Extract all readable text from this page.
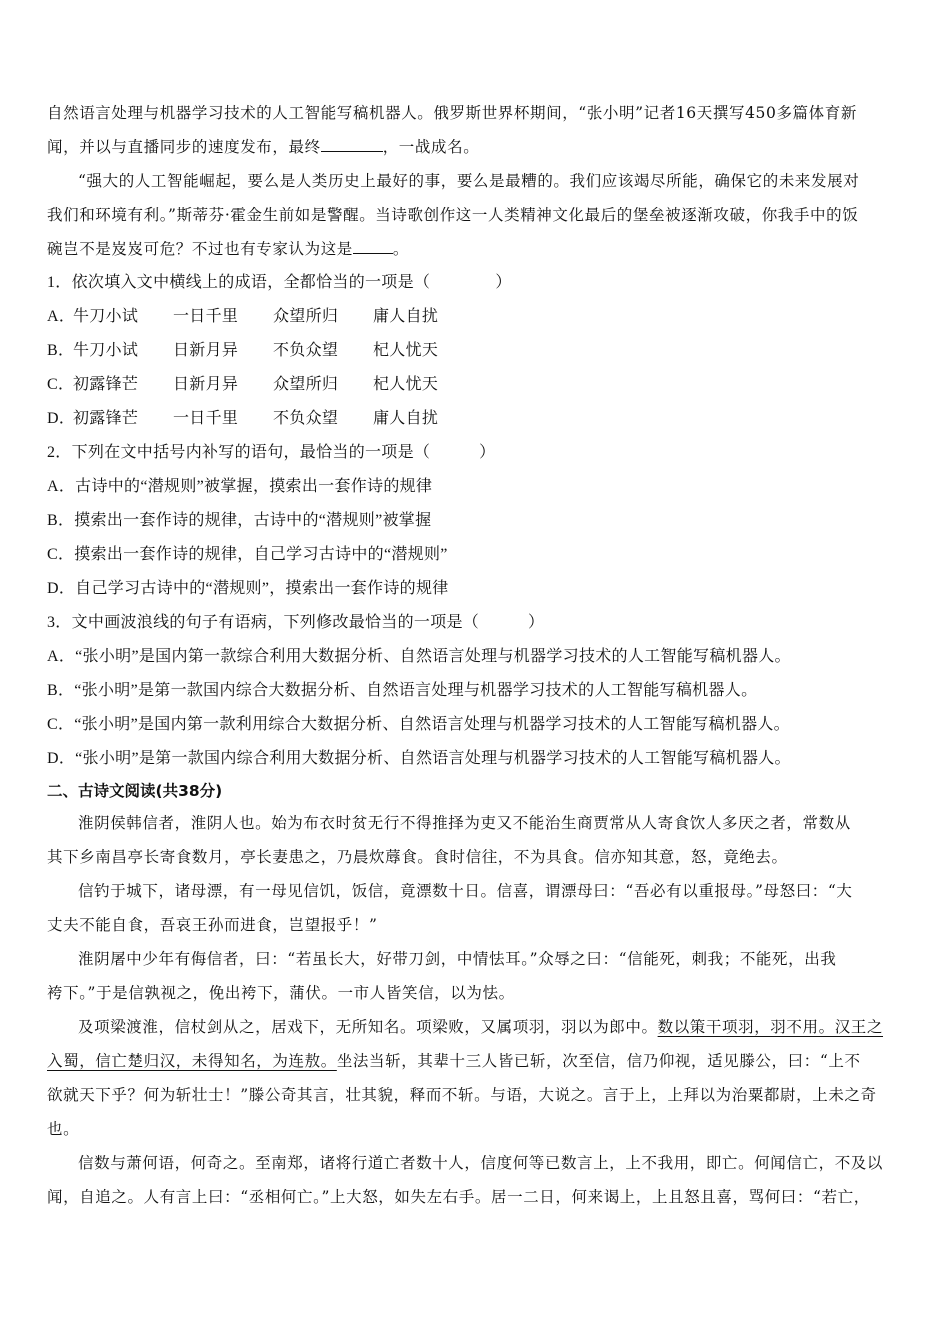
自然语言处理与机器学习技术的人工智能写稿机器人。俄罗斯世界杯期间，“张小明”记者16天撰写450多篇体育新
闻，并以与直播同步的速度发布，最终	，一战成名。
“强大的人工智能崛起，要么是人类历史上最好的事，要么是最糟的。我们应该竭尽所能，确保它的未来发展对
我们和环境有利。”斯蒂芬·霍金生前如是警醒。当诗歌创作这一人类精神文化最后的堡垒被逐渐攻破，你我手中的饭
碗岂不是岌岌可危？不过也有专家认为这是	。
1．依次填入文中横线上的成语，全都恰当的一项是（　　　　）
A．牛刀小试 一日千里 众望所归 庸人自扰
B．牛刀小试 日新月异 不负众望 杞人忧天
C．初露锋芒 日新月异 众望所归 杞人忧天
D．初露锋芒 一日千里 不负众望 庸人自扰
2．下列在文中括号内补写的语句，最恰当的一项是（　　　）
A．古诗中的“潜规则”被掌握，摸索出一套作诗的规律
B．摸索出一套作诗的规律，古诗中的“潜规则”被掌握
C．摸索出一套作诗的规律，自己学习古诗中的“潜规则”
D．自己学习古诗中的“潜规则”，摸索出一套作诗的规律
3．文中画波浪线的句子有语病，下列修改最恰当的一项是（　　　）
A．“张小明”是国内第一款综合利用大数据分析、自然语言处理与机器学习技术的人工智能写稿机器人。
B．“张小明”是第一款国内综合大数据分析、自然语言处理与机器学习技术的人工智能写稿机器人。
C．“张小明”是国内第一款利用综合大数据分析、自然语言处理与机器学习技术的人工智能写稿机器人。
D．“张小明”是第一款国内综合利用大数据分析、自然语言处理与机器学习技术的人工智能写稿机器人。
二、古诗文阅读(共38分)
淮阴侯韩信者，淮阴人也。始为布衣时贫无行不得推择为吏又不能治生商贾常从人寄食饮人多厌之者，常数从
其下乡南昌亭长寄食数月，亭长妻患之，乃晨炊蓐食。食时信往，不为具食。信亦知其意，怒，竟绝去。
信钓于城下，诸母漂，有一母见信饥，饭信，竟漂数十日。信喜，谓漂母曰：“吾必有以重报母。”母怒曰：“大
丈夫不能自食，吾哀王孙而进食，岂望报乎！”
淮阴屠中少年有侮信者，曰：“若虽长大，好带刀剑，中情怯耳。”众辱之曰：“信能死，刺我；不能死，出我
袴下。”于是信孰视之，俛出袴下，蒲伏。一市人皆笑信，以为怯。
及项梁渡淮，信杖剑从之，居戏下，无所知名。项梁败，又属项羽，羽以为郎中。数以策干项羽，羽不用。汉王之
入蜀，信亡楚归汉，未得知名，为连敖。坐法当斩，其辈十三人皆已斩，次至信，信乃仰视，适见滕公，曰：“上不
欲就天下乎？何为斩壮士！”滕公奇其言，壮其貌，释而不斩。与语，大说之。言于上，上拜以为治粟都尉，上未之奇
也。
信数与萧何语，何奇之。至南郑，诸将行道亡者数十人，信度何等已数言上，上不我用，即亡。何闻信亡，不及以
闻，自追之。人有言上曰：“丞相何亡。”上大怒，如失左右手。居一二日，何来谒上，上且怒且喜，骂何曰：“若亡，
